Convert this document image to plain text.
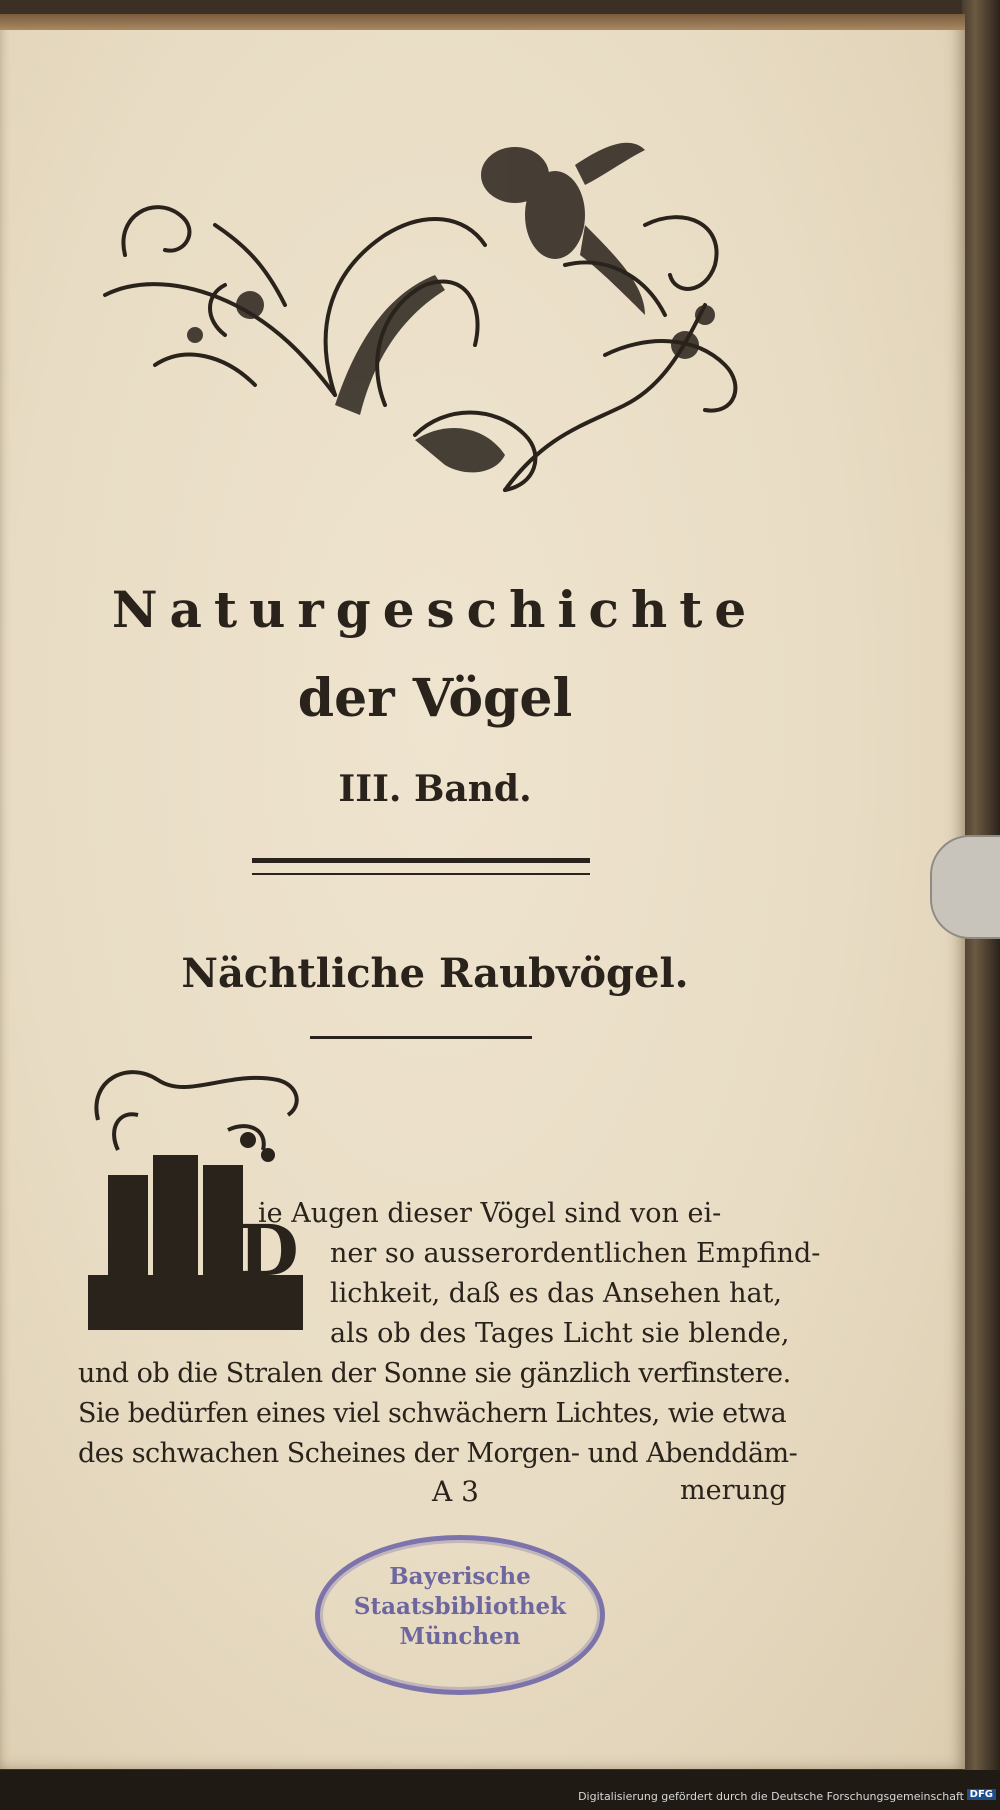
Naturgeschichte
der Vögel
III. Band.
Nächtliche Raubvögel.
D
ie Augen dieser Vögel sind von ei-
ner so ausserordentlichen Empfind-
lichkeit, daß es das Ansehen hat,
als ob des Tages Licht sie blende,
und ob die Stralen der Sonne sie gänzlich verfinstere.
Sie bedürfen eines viel schwächern Lichtes, wie etwa
des schwachen Scheines der Morgen- und Abenddäm-
A 3	merung
Bayerische
Staatsbibliothek
München
Digitalisierung gefördert durch die Deutsche Forschungsgemeinschaft DFG
